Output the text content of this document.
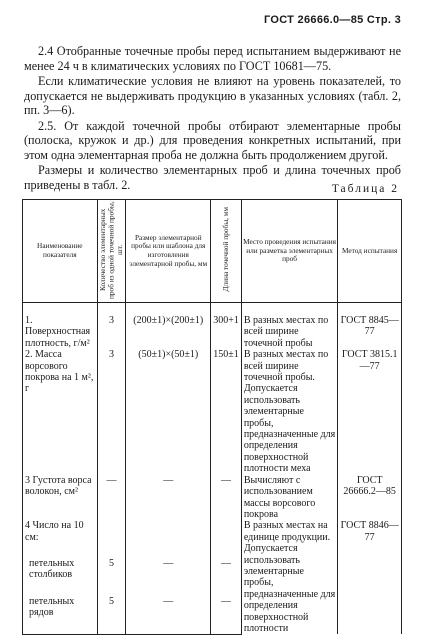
ГОСТ 26666.0—85 Стр. 3

2.4 Отобранные точечные пробы перед испытанием выдерживают не менее 24 ч в климатических условиях по ГОСТ 10681—75.

Если климатические условия не влияют на уровень показателей, то допускается не выдерживать продукцию в указанных условиях (табл. 2, пп. 3—6).

2.5. От каждой точечной пробы отбирают элементарные пробы (полоска, кружок и др.) для проведения конкретных испытаний, при этом одна элементарная проба не должна быть продолжением другой.

Размеры и количество элементарных проб и длина точечных проб приведены в табл. 2.	Таблица 2
Наименование показателя	Количество элементарных проб из одной точечной пробы, шт.	Размер элементарной пробы или шаблона для изготовления элементарной пробы, мм	Длина точечной пробы, мм	Место проведения испытания или разметка элементарных проб	Метод испытания

1. Поверхностная плотность, г/м²	3	(200±1)×(200±1)	300+1	В разных местах по всей ширине точечной пробы	ГОСТ 8845—77
2. Масса ворсового покрова на 1 м², г	3	(50±1)×(50±1)	150±1	В разных местах по всей ширине точечной пробы. Допускается использовать элементарные пробы, предназначенные для определения поверхностной плотности меха	ГОСТ 3815.1—77
3 Густота ворса волокон, см²	—	—	—	Вычисляют с использованием массы ворсового покрова	ГОСТ 26666.2—85
4 Число на 10 см:				В разных местах на единице продукции. Допускается использовать элементарные пробы, предназначенные для определения поверхностной плотности	ГОСТ 8846—77
петельных столбиков	5	—	—		
петельных рядов	5	—	—		
